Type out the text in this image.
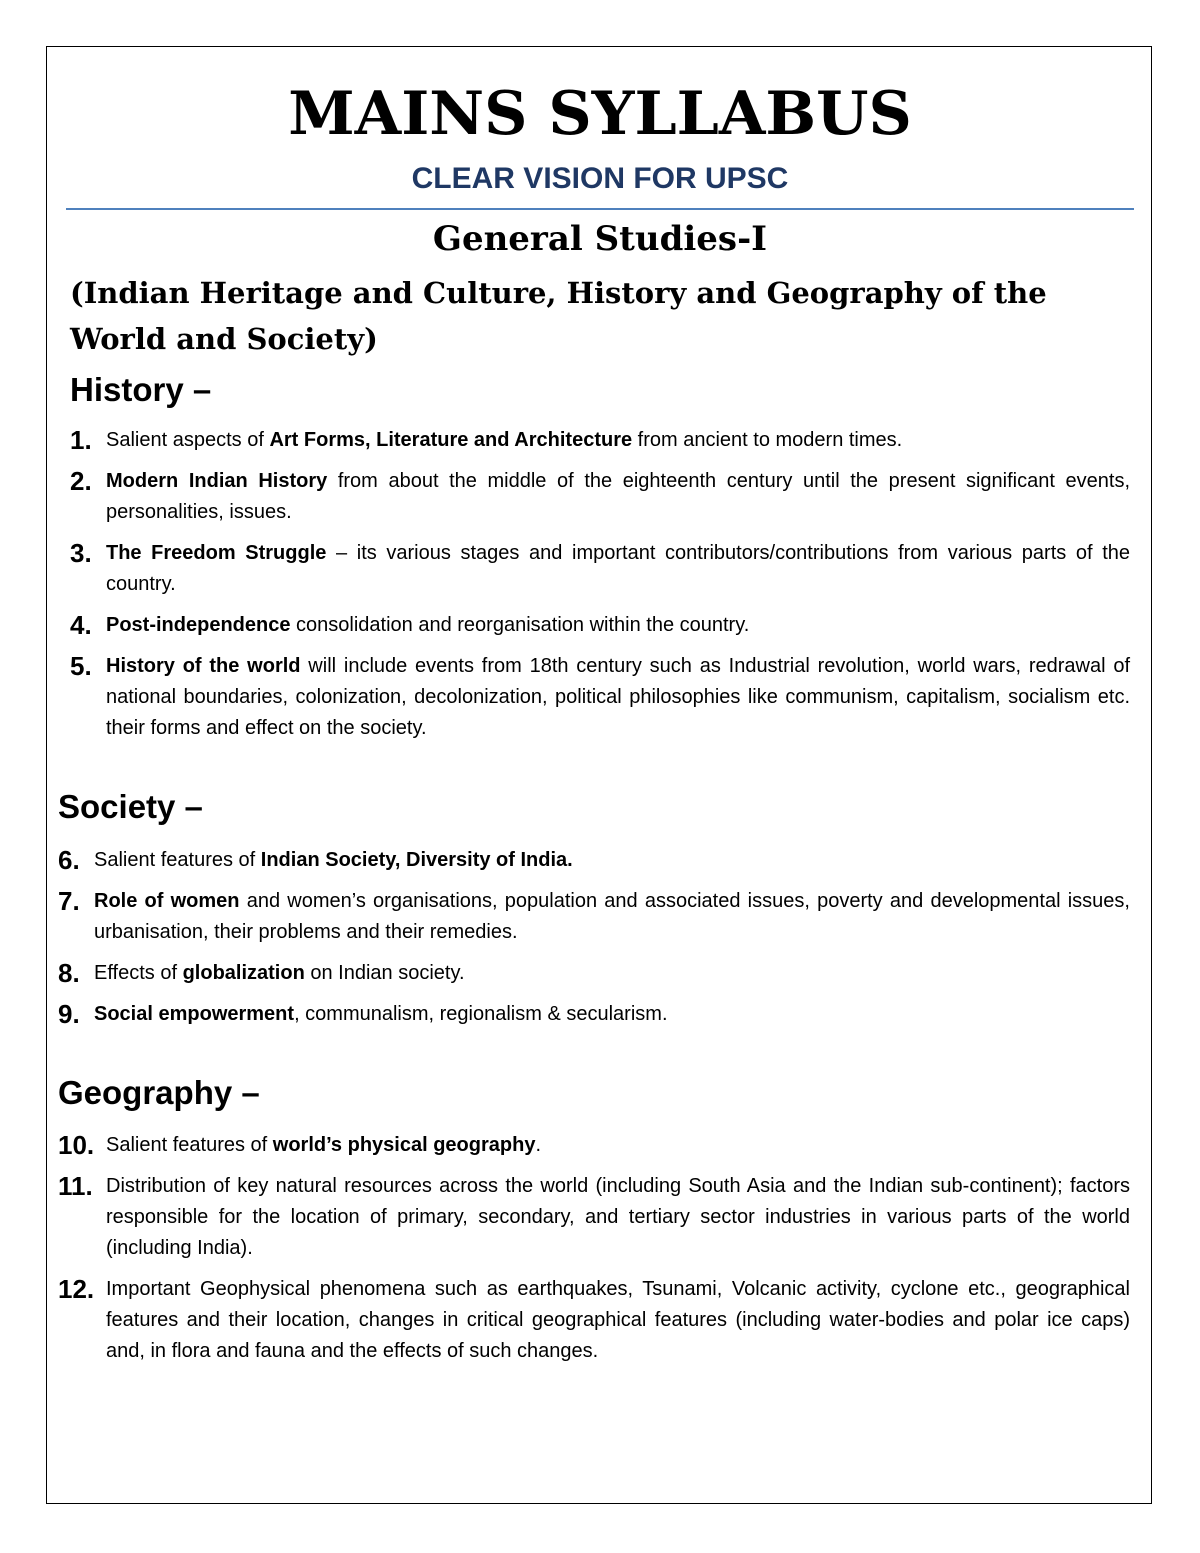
MAINS SYLLABUS
CLEAR VISION FOR UPSC
General Studies-I
(Indian Heritage and Culture, History and Geography of the World and Society)
History –
1. Salient aspects of Art Forms, Literature and Architecture from ancient to modern times.
2. Modern Indian History from about the middle of the eighteenth century until the present significant events, personalities, issues.
3. The Freedom Struggle – its various stages and important contributors/contributions from various parts of the country.
4. Post-independence consolidation and reorganisation within the country.
5. History of the world will include events from 18th century such as Industrial revolution, world wars, redrawal of national boundaries, colonization, decolonization, political philosophies like communism, capitalism, socialism etc. their forms and effect on the society.
Society –
6. Salient features of Indian Society, Diversity of India.
7. Role of women and women’s organisations, population and associated issues, poverty and developmental issues, urbanisation, their problems and their remedies.
8. Effects of globalization on Indian society.
9. Social empowerment, communalism, regionalism & secularism.
Geography –
10. Salient features of world’s physical geography.
11. Distribution of key natural resources across the world (including South Asia and the Indian sub-continent); factors responsible for the location of primary, secondary, and tertiary sector industries in various parts of the world (including India).
12. Important Geophysical phenomena such as earthquakes, Tsunami, Volcanic activity, cyclone etc., geographical features and their location, changes in critical geographical features (including water-bodies and polar ice caps) and, in flora and fauna and the effects of such changes.
